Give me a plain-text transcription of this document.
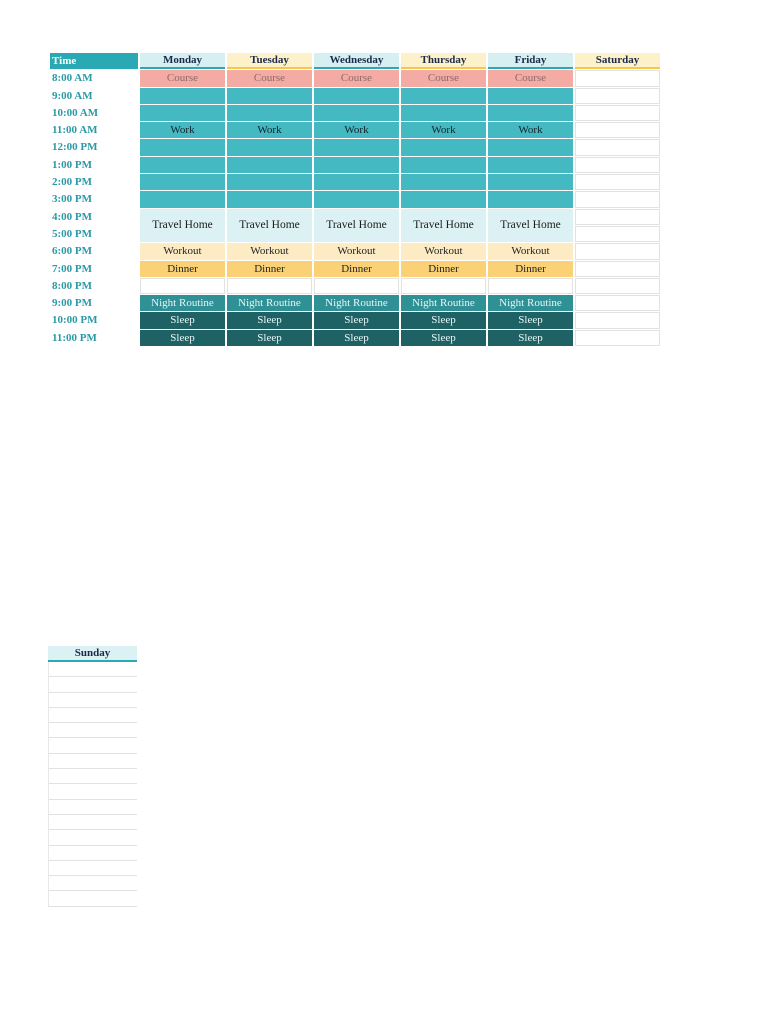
Time	Monday	Tuesday	Wednesday	Thursday	Friday	Saturday
8:00 AM	Course	Course	Course	Course	Course	
9:00 AM						
10:00 AM						
11:00 AM	Work	Work	Work	Work	Work	
12:00 PM						
1:00 PM						
2:00 PM						
3:00 PM						
4:00 PM	Travel Home	Travel Home	Travel Home	Travel Home	Travel Home	
5:00 PM						
6:00 PM	Workout	Workout	Workout	Workout	Workout	
7:00 PM	Dinner	Dinner	Dinner	Dinner	Dinner	
8:00 PM						
9:00 PM	Night Routine	Night Routine	Night Routine	Night Routine	Night Routine	
10:00 PM	Sleep	Sleep	Sleep	Sleep	Sleep	
11:00 PM	Sleep	Sleep	Sleep	Sleep	Sleep	
Sunday
